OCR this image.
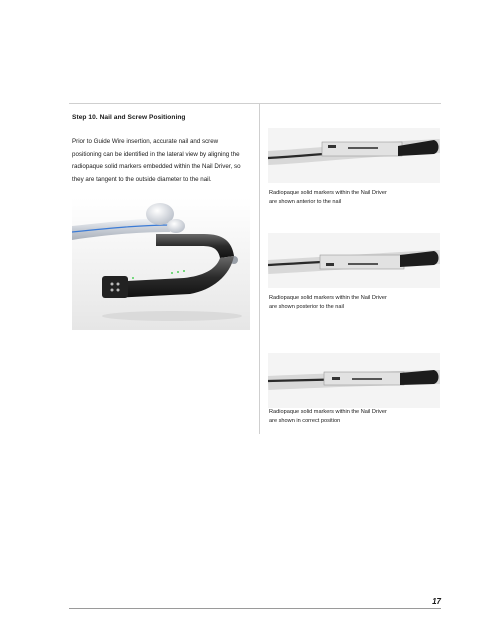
Step 10. Nail and Screw Positioning
Prior to Guide Wire insertion, accurate nail and screw
positioning can be identified in the lateral view by aligning the
radiopaque solid markers embedded within the Nail Driver, so
they are tangent to the outside diameter to the nail.
Radiopaque solid markers within the Nail Driver
are shown anterior to the nail
Radiopaque solid markers within the Nail Driver
are shown posterior to the nail
Radiopaque solid markers within the Nail Driver
are shown in correct position
17
